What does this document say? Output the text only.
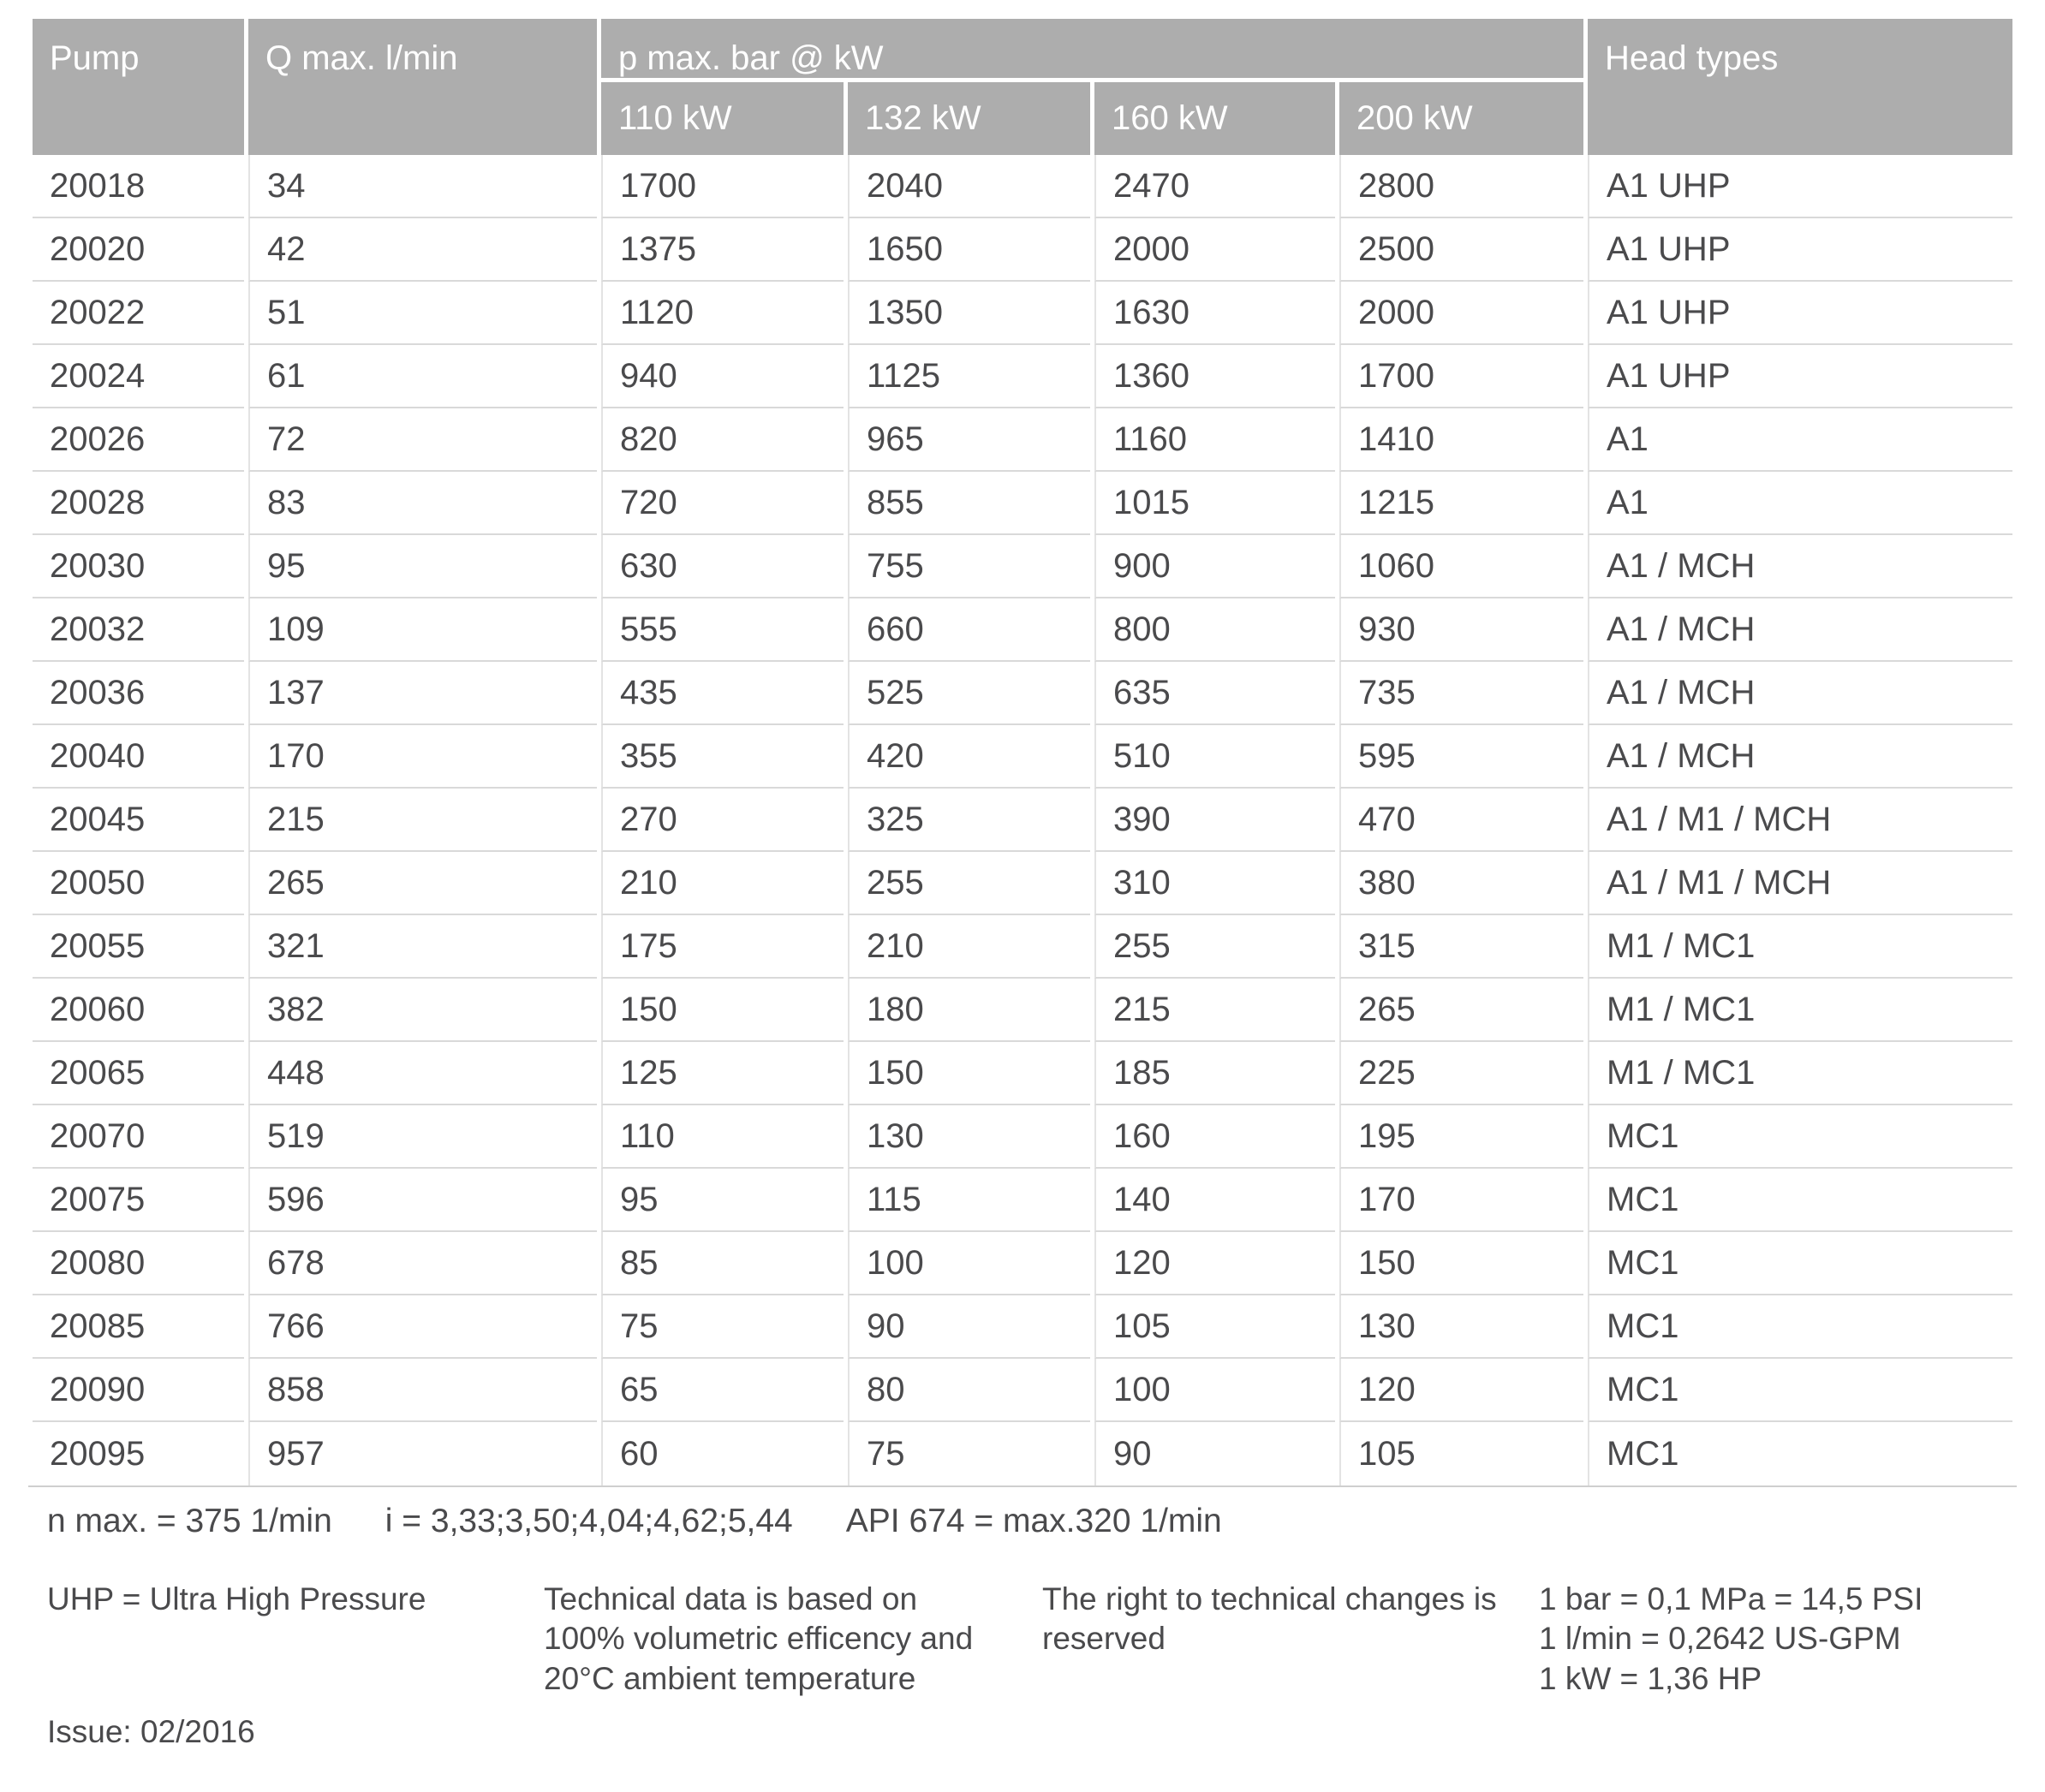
Pump	Q max. l/min	p max. bar @ kW				Head types
		110 kW	132 kW	160 kW	200 kW	
20018	34	1700	2040	2470	2800	A1 UHP
20020	42	1375	1650	2000	2500	A1 UHP
20022	51	1120	1350	1630	2000	A1 UHP
20024	61	940	1125	1360	1700	A1 UHP
20026	72	820	965	1160	1410	A1
20028	83	720	855	1015	1215	A1
20030	95	630	755	900	1060	A1 / MCH
20032	109	555	660	800	930	A1 / MCH
20036	137	435	525	635	735	A1 / MCH
20040	170	355	420	510	595	A1 / MCH
20045	215	270	325	390	470	A1 / M1 / MCH
20050	265	210	255	310	380	A1 / M1 / MCH
20055	321	175	210	255	315	M1 / MC1
20060	382	150	180	215	265	M1 / MC1
20065	448	125	150	185	225	M1 / MC1
20070	519	110	130	160	195	MC1
20075	596	95	115	140	170	MC1
20080	678	85	100	120	150	MC1
20085	766	75	90	105	130	MC1
20090	858	65	80	100	120	MC1
20095	957	60	75	90	105	MC1
n max. = 375 1/min i = 3,33;3,50;4,04;4,62;5,44 API 674 = max.320 1/min
UHP = Ultra High Pressure	Technical data is based on 100% volumetric efficency and 20°C ambient temperature
The right to technical changes is reserved
1 bar = 0,1 MPa = 14,5 PSI
1 l/min = 0,2642 US-GPM
1 kW = 1,36 HP
Issue: 02/2016
